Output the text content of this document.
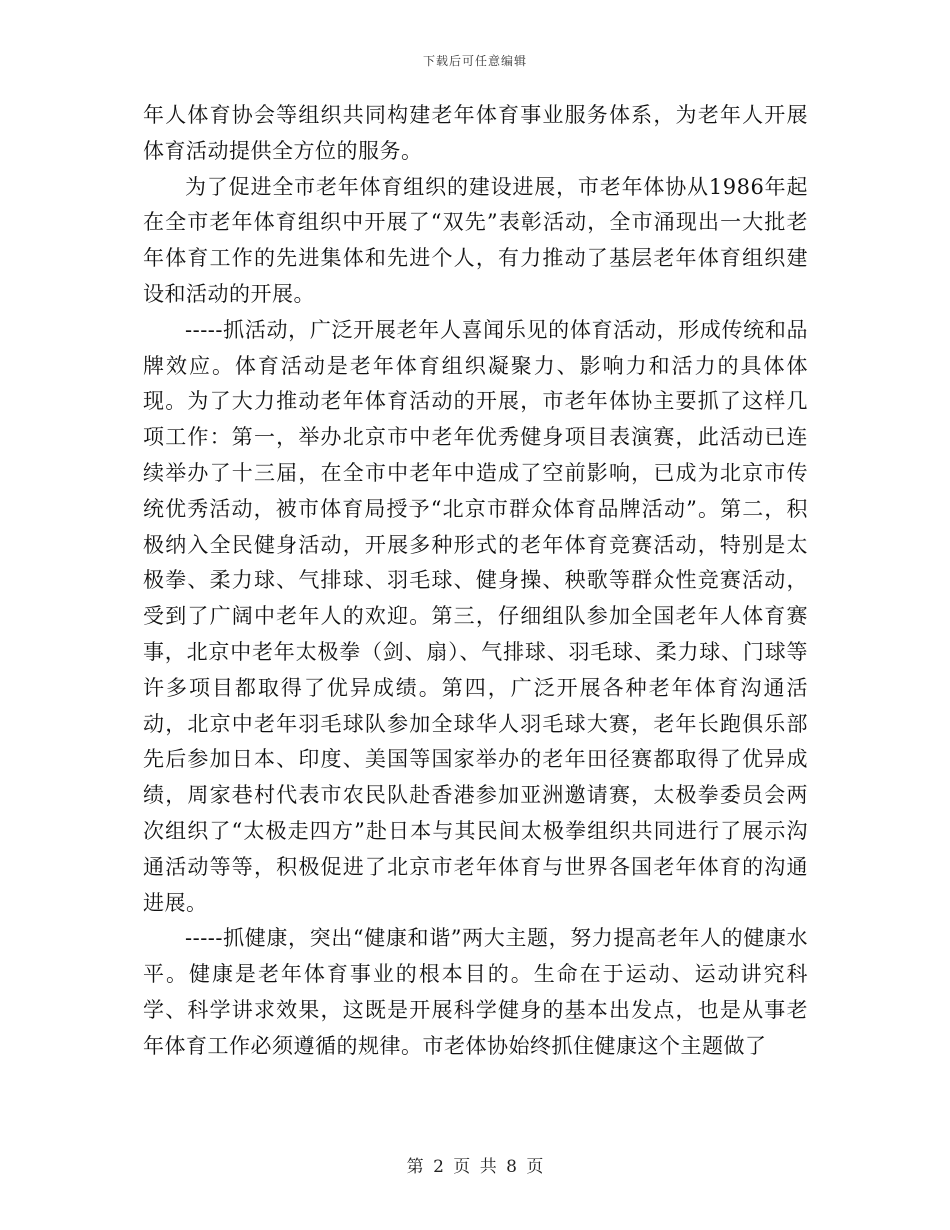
下载后可任意编辑

年人体育协会等组织共同构建老年体育事业服务体系，为老年人开展体育活动提供全方位的服务。

为了促进全市老年体育组织的建设进展，市老年体协从1986年起在全市老年体育组织中开展了“双先”表彰活动，全市涌现出一大批老年体育工作的先进集体和先进个人，有力推动了基层老年体育组织建设和活动的开展。

-----抓活动，广泛开展老年人喜闻乐见的体育活动，形成传统和品牌效应。体育活动是老年体育组织凝聚力、影响力和活力的具体体现。为了大力推动老年体育活动的开展，市老年体协主要抓了这样几项工作：第一，举办北京市中老年优秀健身项目表演赛，此活动已连续举办了十三届，在全市中老年中造成了空前影响，已成为北京市传统优秀活动，被市体育局授予“北京市群众体育品牌活动”。第二，积极纳入全民健身活动，开展多种形式的老年体育竞赛活动，特别是太极拳、柔力球、气排球、羽毛球、健身操、秧歌等群众性竞赛活动，受到了广阔中老年人的欢迎。第三，仔细组队参加全国老年人体育赛事，北京中老年太极拳（剑、扇）、气排球、羽毛球、柔力球、门球等许多项目都取得了优异成绩。第四，广泛开展各种老年体育沟通活动，北京中老年羽毛球队参加全球华人羽毛球大赛，老年长跑俱乐部先后参加日本、印度、美国等国家举办的老年田径赛都取得了优异成绩，周家巷村代表市农民队赴香港参加亚洲邀请赛，太极拳委员会两次组织了“太极走四方”赴日本与其民间太极拳组织共同进行了展示沟通活动等等，积极促进了北京市老年体育与世界各国老年体育的沟通进展。

-----抓健康，突出“健康和谐”两大主题，努力提高老年人的健康水平。健康是老年体育事业的根本目的。生命在于运动、运动讲究科学、科学讲求效果，这既是开展科学健身的基本出发点，也是从事老年体育工作必须遵循的规律。市老体协始终抓住健康这个主题做了

第 2 页 共 8 页
